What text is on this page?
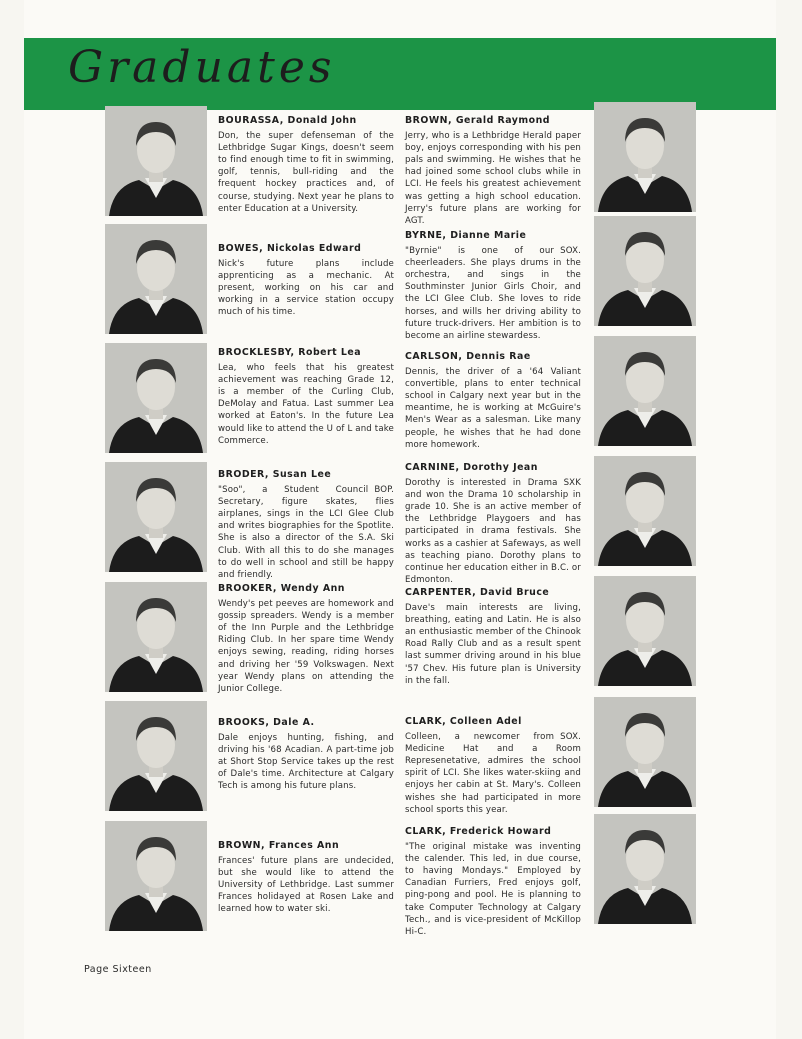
Graduates
BOURASSA, Donald John
Don, the super defenseman of the Lethbridge Sugar Kings, doesn't seem to find enough time to fit in swimming, golf, tennis, bull-riding and the frequent hockey practices and, of course, studying. Next year he plans to enter Education at a University.
BOWES, Nickolas Edward
Nick's future plans include apprenticing as a mechanic. At present, working on his car and working in a service station occupy much of his time.
BROCKLESBY, Robert Lea
Lea, who feels that his greatest achievement was reaching Grade 12, is a member of the Curling Club, DeMolay and Fatua. Last summer Lea worked at Eaton's. In the future Lea would like to attend the U of L and take Commerce.
BRODER, Susan Lee
BOP.
"Soo", a Student Council Secretary, figure skates, flies airplanes, sings in the LCI Glee Club and writes biographies for the Spotlite. She is also a director of the S.A. Ski Club. With all this to do she manages to do well in school and still be happy and friendly.
BROOKER, Wendy Ann
Wendy's pet peeves are homework and gossip spreaders. Wendy is a member of the Inn Purple and the Lethbridge Riding Club. In her spare time Wendy enjoys sewing, reading, riding horses and driving her '59 Volkswagen. Next year Wendy plans on attending the Junior College.
BROOKS, Dale A.
Dale enjoys hunting, fishing, and driving his '68 Acadian. A part-time job at Short Stop Service takes up the rest of Dale's time. Architecture at Calgary Tech is among his future plans.
BROWN, Frances Ann
Frances' future plans are undecided, but she would like to attend the University of Lethbridge. Last summer Frances holidayed at Rosen Lake and learned how to water ski.
BROWN, Gerald Raymond
Jerry, who is a Lethbridge Herald paper boy, enjoys corresponding with his pen pals and swimming. He wishes that he had joined some school clubs while in LCI. He feels his greatest achievement was getting a high school education. Jerry's future plans are working for AGT.
BYRNE, Dianne Marie
SOX.
"Byrnie" is one of our cheerleaders. She plays drums in the orchestra, and sings in the Southminster Junior Girls Choir, and the LCI Glee Club. She loves to ride horses, and wills her driving ability to future truck-drivers. Her ambition is to become an airline stewardess.
CARLSON, Dennis Rae
Dennis, the driver of a '64 Valiant convertible, plans to enter technical school in Calgary next year but in the meantime, he is working at McGuire's Men's Wear as a salesman. Like many people, he wishes that he had done more homework.
CARNINE, Dorothy Jean
SXK
Dorothy is interested in Drama and won the Drama 10 scholarship in grade 10. She is an active member of the Lethbridge Playgoers and has participated in drama festivals. She works as a cashier at Safeways, as well as teaching piano. Dorothy plans to continue her education either in B.C. or Edmonton.
CARPENTER, David Bruce
Dave's main interests are living, breathing, eating and Latin. He is also an enthusiastic member of the Chinook Road Rally Club and as a result spent last summer driving around in his blue '57 Chev. His future plan is University in the fall.
CLARK, Colleen Adel
SOX.
Colleen, a newcomer from Medicine Hat and a Room Represenetative, admires the school spirit of LCI. She likes water-skiing and enjoys her cabin at St. Mary's. Colleen wishes she had participated in more school sports this year.
CLARK, Frederick Howard
"The original mistake was inventing the calender. This led, in due course, to having Mondays." Employed by Canadian Furriers, Fred enjoys golf, ping-pong and pool. He is planning to take Computer Technology at Calgary Tech., and is vice-president of McKillop Hi-C.
Page Sixteen
